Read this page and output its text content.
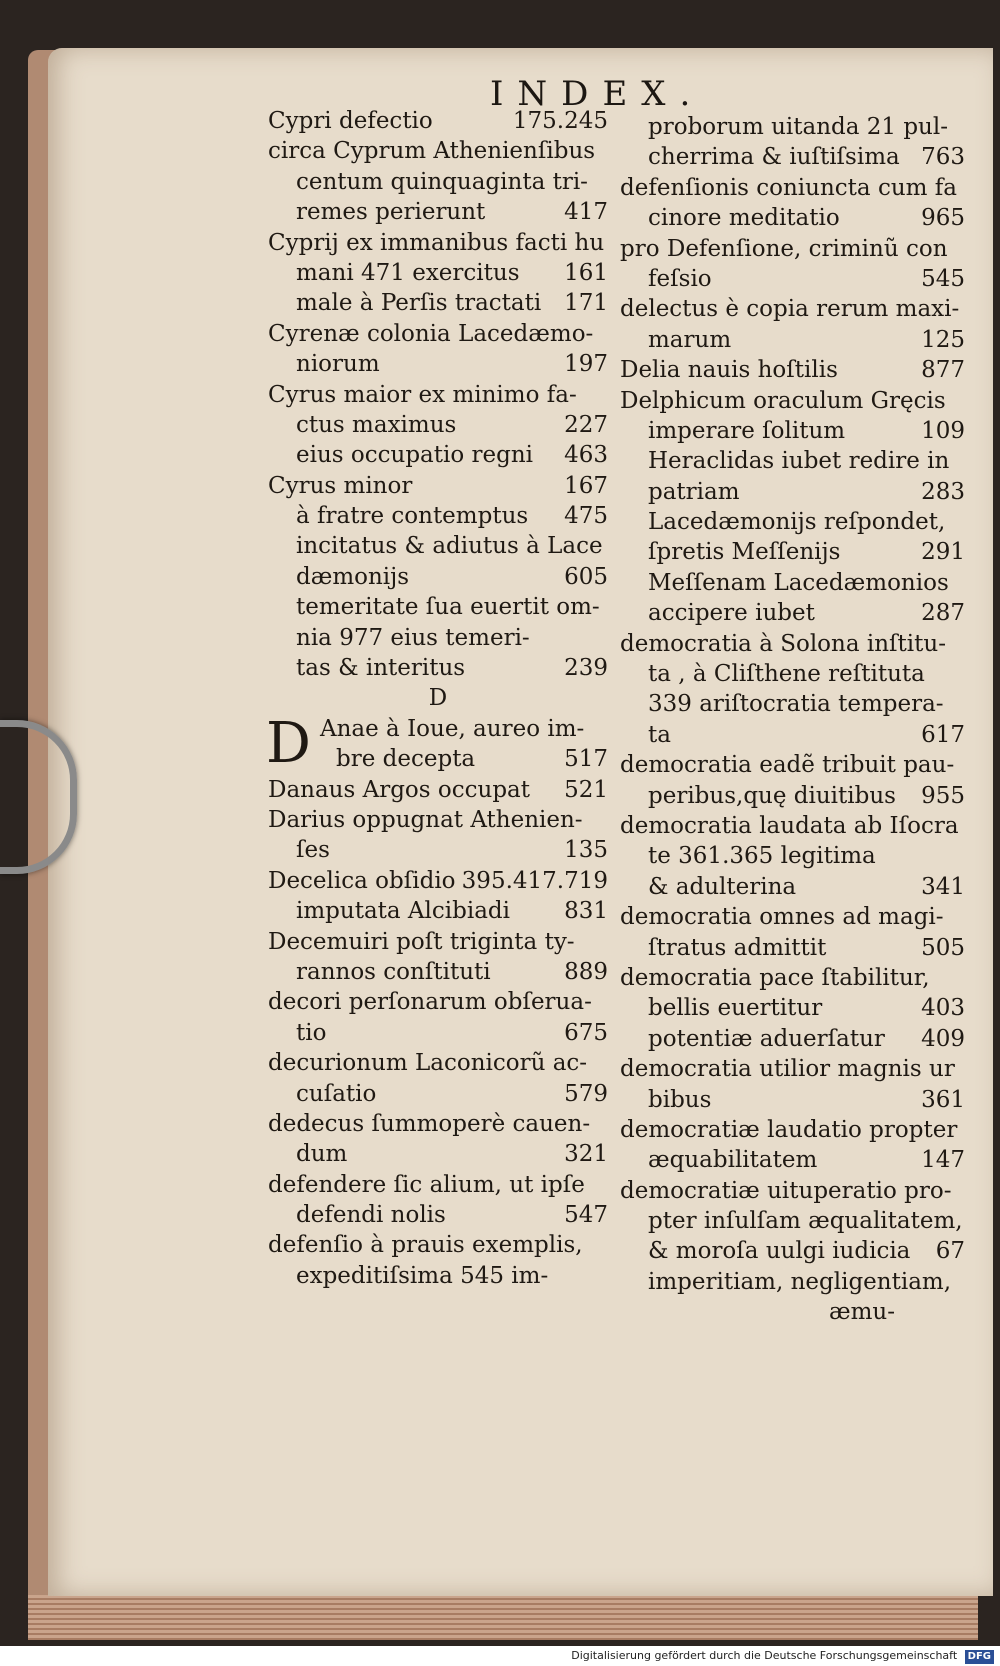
INDEX.
Cypri defectio	175.245
circa Cyprum Athenienſibus
centum quinquaginta tri-
remes perierunt	417
Cyprij ex immanibus facti hu
mani 471 exercitus 161
male à Perſis tractati 171
Cyrenæ colonia Lacedæmo-
niorum	197
Cyrus maior ex minimo fa-
ctus maximus	227
eius occupatio regni 463
Cyrus minor	167
à fratre contemptus 475
incitatus & adiutus à Lace
dæmonijs	605
temeritate ſua euertit om-
nia 977 eius temeri-
tas & interitus	239
D
D Anae à Ioue, aureo im-
bre decepta	517
Danaus Argos occupat 521
Darius oppugnat Athenien-
ſes	135
Decelica obſidio 395.417.719
imputata Alcibiadi 831
Decemuiri poſt triginta ty-
rannos conſtituti	889
decori perſonarum obſerua-
tio	675
decurionum Laconicorũ ac-
cuſatio	579
dedecus ſummoperè cauen-
dum	321
defendere ſic alium, ut ipſe
defendi nolis	547
defenſio à prauis exemplis,
expeditiſsima 545 im-
proborum uitanda 21 pul-
cherrima & iuſtiſsima 763
defenſionis coniuncta cum fa
cinore meditatio	965
pro Defenſione, criminũ con
feſsio	545
delectus è copia rerum maxi-
marum	125
Delia nauis hoſtilis	877
Delphicum oraculum Gręcis
imperare ſolitum	109
Heraclidas iubet redire in
patriam	283
Lacedæmonijs reſpondet,
ſpretis Meſſenijs	291
Meſſenam Lacedæmonios
accipere iubet	287
democratia à Solona inſtitu-
ta , à Cliſthene reſtituta
339 ariſtocratia tempera-
ta	617
democratia eadẽ tribuit pau-
peribus,quę diuitibus 955
democratia laudata ab Iſocra
te 361.365 legitima
& adulterina	341
democratia omnes ad magi-
ſtratus admittit	505
democratia pace ſtabilitur,
bellis euertitur	403
potentiæ aduerſatur 409
democratia utilior magnis ur
bibus	361
democratiæ laudatio propter
æquabilitatem	147
democratiæ uituperatio pro-
pter inſulſam æqualitatem,
& moroſa uulgi iudicia 67
imperitiam, negligentiam,
æmu-
Digitalisierung gefördert durch die Deutsche Forschungsgemeinschaft DFG
